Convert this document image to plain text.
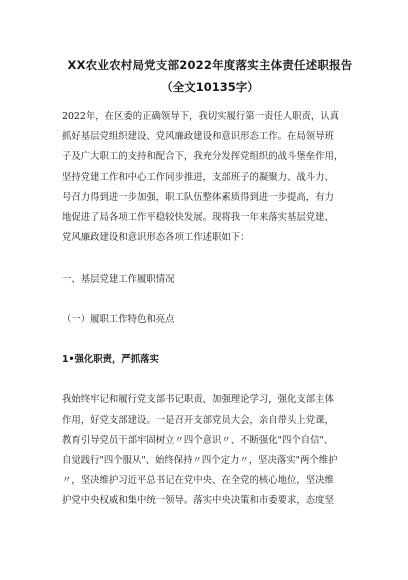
XX农业农村局党支部2022年度落实主体责任述职报告
（全文10135字）
2022年，在区委的正确领导下，我切实履行第一责任人职责，认真
抓好基层党组织建设、党风廉政建设和意识形态工作。在局领导班
子及广大职工的支持和配合下，我充分发挥党组织的战斗堡垒作用，
坚持党建工作和中心工作同步推进，支部班子的凝聚力、战斗力、
号召力得到进一步加强，职工队伍整体素质得到进一步提高，有力
地促进了局各项工作平稳较快发展。现将我一年来落实基层党建、
党风廉政建设和意识形态各项工作述职如下：

一、基层党建工作履职情况

（一）履职工作特色和亮点

1•强化职责，严抓落实

我始终牢记和履行党支部书记职责，加强理论学习，强化支部主体
作用，好党支部建设。一是召开支部党员大会，亲自带头上党课，
教育引导党员干部牢固树立〃四个意识〃、不断强化"四个自信"、
自觉践行"四个服从"、始终保持〃四个定力〃，坚决落实"两个维护
〃，坚决维护习近平总书记在党中央、在全党的核心地位，坚决维
护党中央权威和集中统一领导。落实中央决策和市委要求，态度坚
